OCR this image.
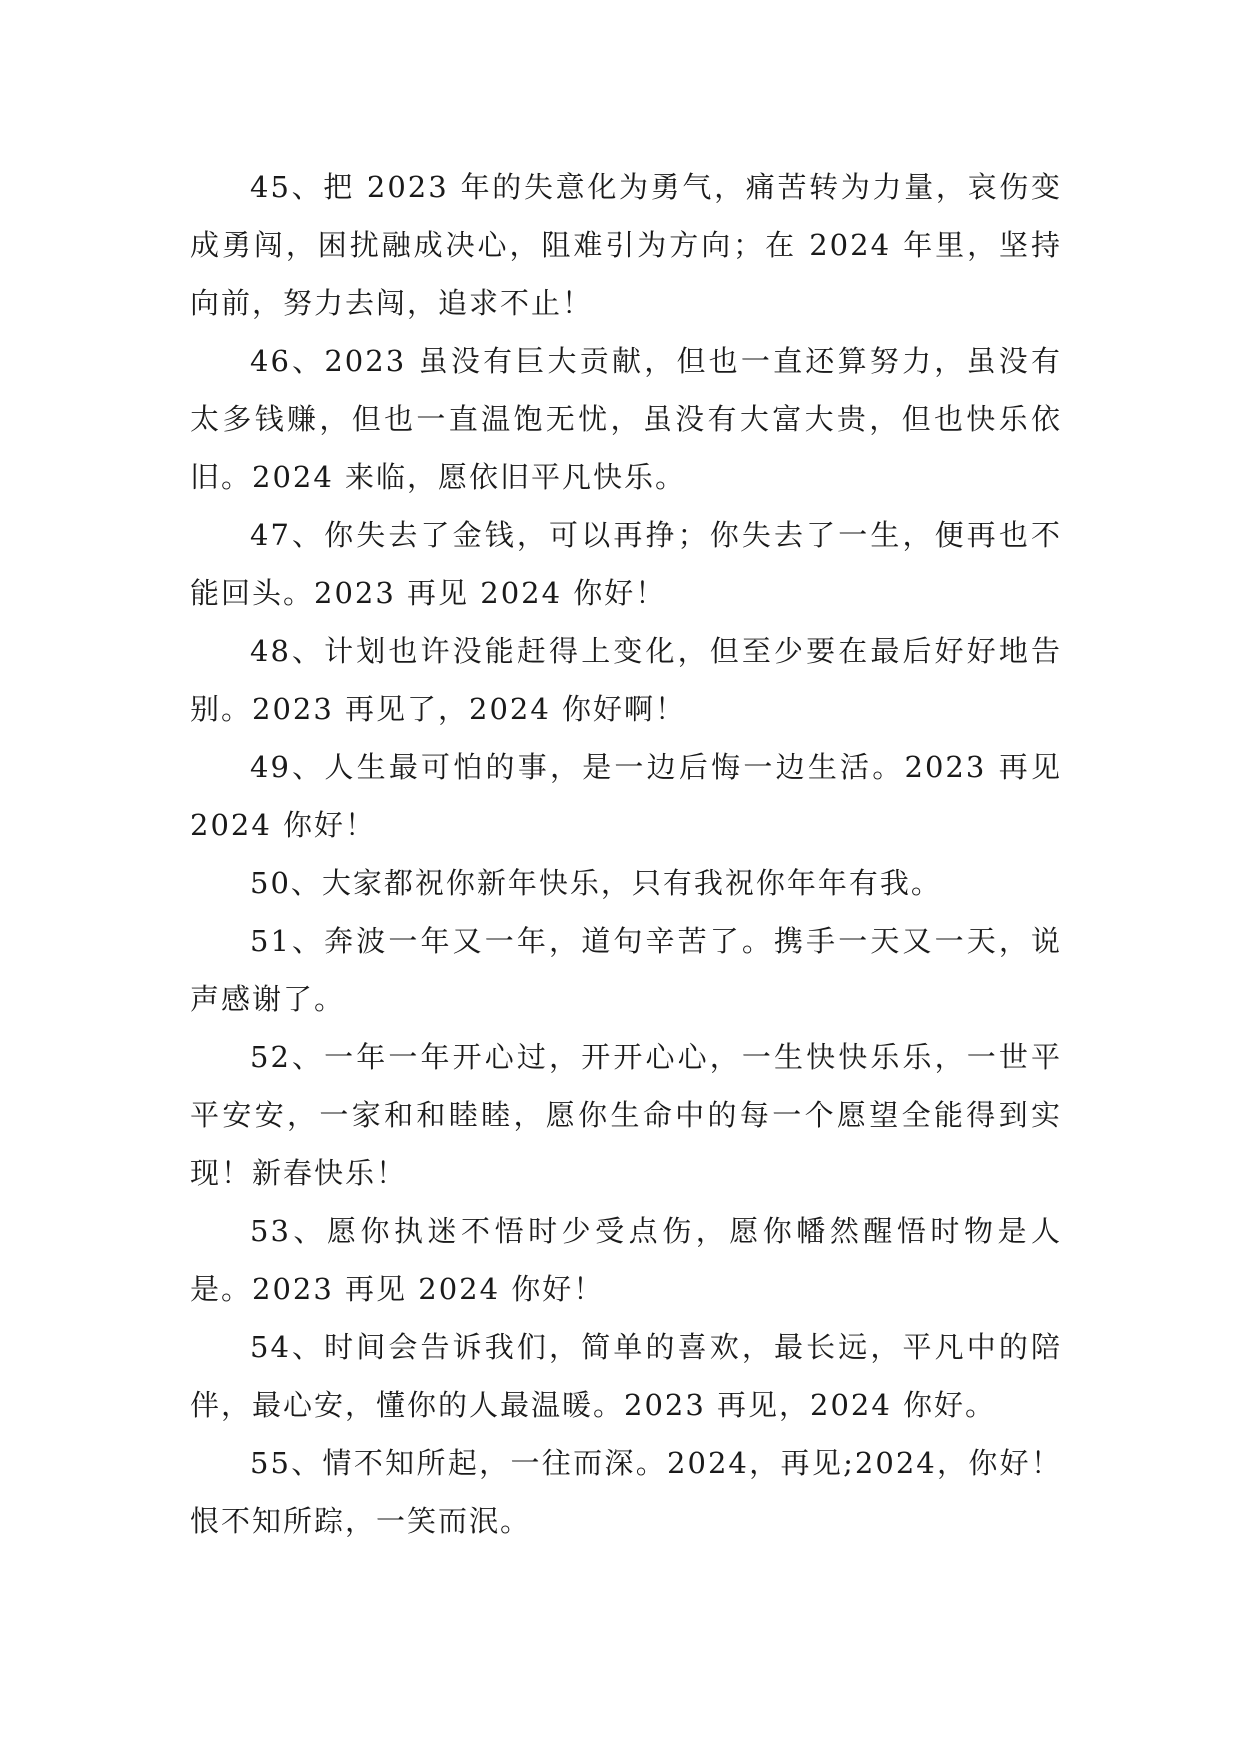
45、把 2023 年的失意化为勇气，痛苦转为力量，哀伤变成勇闯，困扰融成决心，阻难引为方向；在 2024 年里，坚持向前，努力去闯，追求不止！

46、2023 虽没有巨大贡献，但也一直还算努力，虽没有太多钱赚，但也一直温饱无忧，虽没有大富大贵，但也快乐依旧。2024 来临，愿依旧平凡快乐。

47、你失去了金钱，可以再挣；你失去了一生，便再也不能回头。2023 再见 2024 你好！

48、计划也许没能赶得上变化，但至少要在最后好好地告别。2023 再见了，2024 你好啊！

49、人生最可怕的事，是一边后悔一边生活。2023 再见 2024 你好！

50、大家都祝你新年快乐，只有我祝你年年有我。

51、奔波一年又一年，道句辛苦了。携手一天又一天，说声感谢了。

52、一年一年开心过，开开心心，一生快快乐乐，一世平平安安，一家和和睦睦，愿你生命中的每一个愿望全能得到实现！新春快乐！

53、愿你执迷不悟时少受点伤，愿你幡然醒悟时物是人是。2023 再见 2024 你好！

54、时间会告诉我们，简单的喜欢，最长远，平凡中的陪伴，最心安，懂你的人最温暖。2023 再见，2024 你好。

55、情不知所起，一往而深。2024，再见;2024，你好！恨不知所踪，一笑而泯。
